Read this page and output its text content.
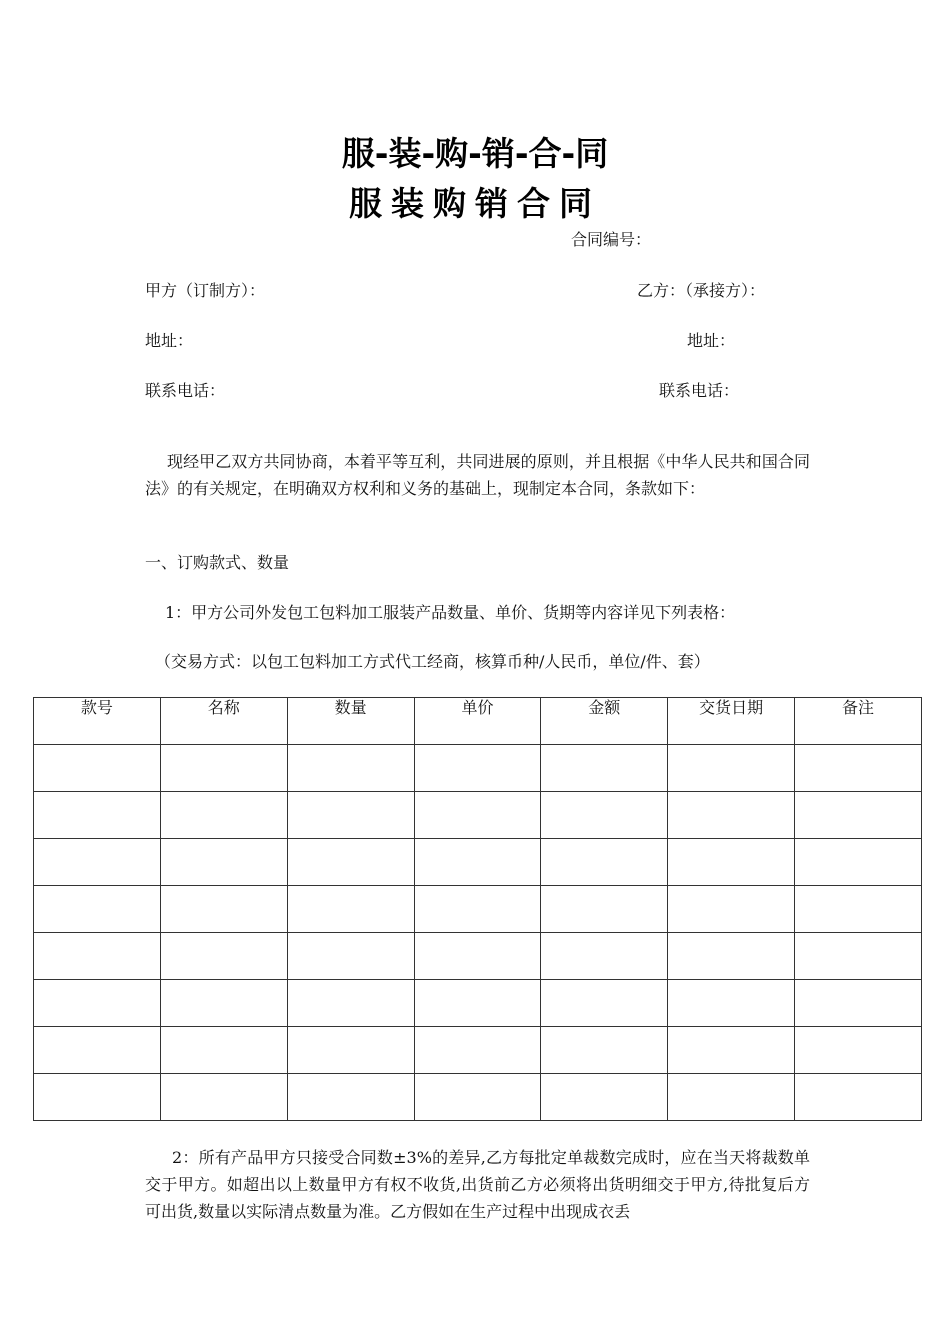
服-装-购-销-合-同
服装购销合同
合同编号：
甲方（订制方）：	乙方：（承接方）：
地址：	地址：
联系电话：	联系电话：
现经甲乙双方共同协商，本着平等互利，共同进展的原则，并且根据《中华人民共和国合同法》的有关规定，在明确双方权利和义务的基础上，现制定本合同，条款如下：
一、订购款式、数量
1：甲方公司外发包工包料加工服装产品数量、单价、货期等内容详见下列表格：
（交易方式：以包工包料加工方式代工经商，核算币种/人民币，单位/件、套）
款号	名称	数量	单价	金额	交货日期	备注

2：所有产品甲方只接受合同数±3%的差异,乙方每批定单裁数完成时，应在当天将裁数单交于甲方。如超出以上数量甲方有权不收货,出货前乙方必须将出货明细交于甲方,待批复后方可出货,数量以实际清点数量为准。乙方假如在生产过程中出现成衣丢
